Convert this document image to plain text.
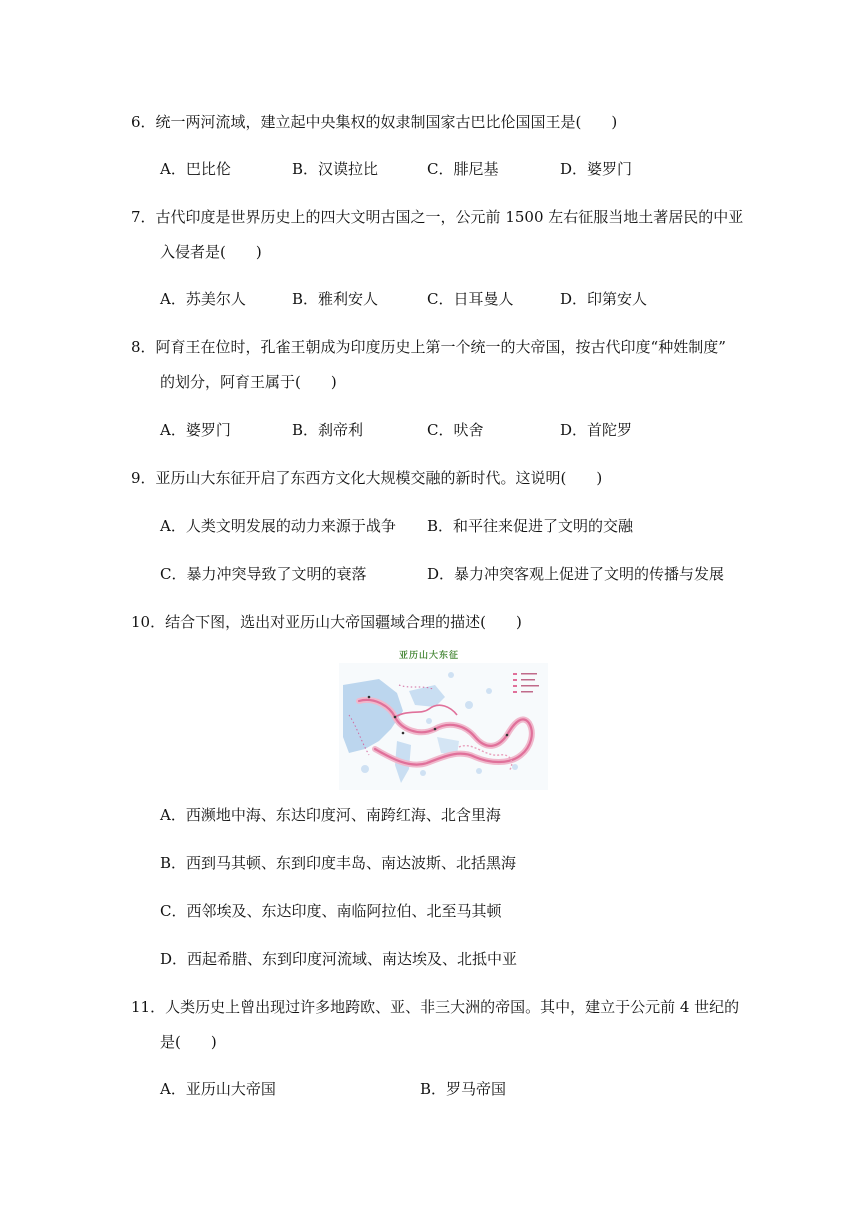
6．统一两河流域，建立起中央集权的奴隶制国家古巴比伦国国王是(　　)
A．巴比伦	B．汉谟拉比	C．腓尼基	D．婆罗门
7．古代印度是世界历史上的四大文明古国之一，公元前 1500 左右征服当地土著居民的中亚
入侵者是(　　)
A．苏美尔人	B．雅利安人	C．日耳曼人	D．印第安人
8．阿育王在位时，孔雀王朝成为印度历史上第一个统一的大帝国，按古代印度“种姓制度”
的划分，阿育王属于(　　)
A．婆罗门	B．刹帝利	C．吠舍	D．首陀罗
9．亚历山大东征开启了东西方文化大规模交融的新时代。这说明(　　)
A．人类文明发展的动力来源于战争 B．和平往来促进了文明的交融
C．暴力冲突导致了文明的衰落	D．暴力冲突客观上促进了文明的传播与发展
10．结合下图，选出对亚历山大帝国疆域合理的描述(　　)
亚历山大东征
A．西濒地中海、东达印度河、南跨红海、北含里海
B．西到马其顿、东到印度丰岛、南达波斯、北括黑海
C．西邻埃及、东达印度、南临阿拉伯、北至马其顿
D．西起希腊、东到印度河流域、南达埃及、北抵中亚
11．人类历史上曾出现过许多地跨欧、亚、非三大洲的帝国。其中，建立于公元前 4 世纪的
是(　　)
A．亚历山大帝国	B．罗马帝国
